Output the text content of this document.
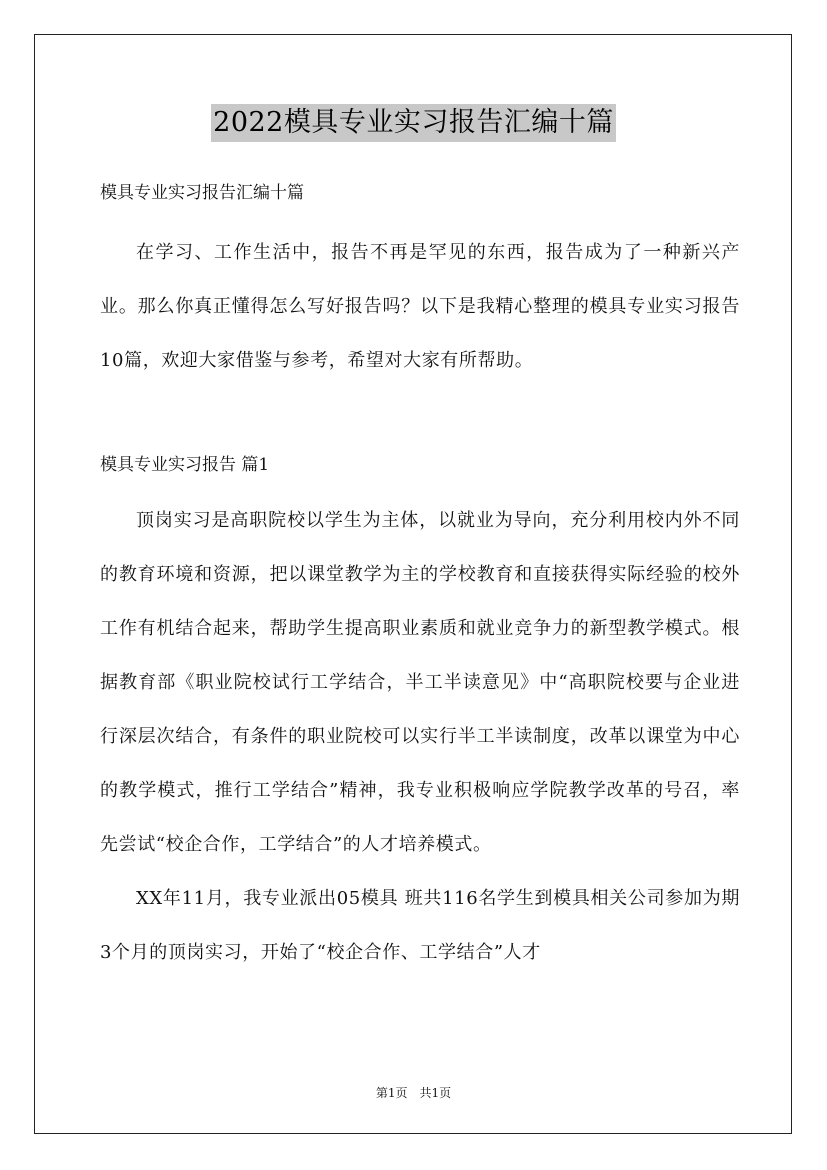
2022模具专业实习报告汇编十篇

模具专业实习报告汇编十篇

在学习、工作生活中，报告不再是罕见的东西，报告成为了一种新兴产业。那么你真正懂得怎么写好报告吗？以下是我精心整理的模具专业实习报告10篇，欢迎大家借鉴与参考，希望对大家有所帮助。

模具专业实习报告 篇1

顶岗实习是高职院校以学生为主体，以就业为导向，充分利用校内外不同的教育环境和资源，把以课堂教学为主的学校教育和直接获得实际经验的校外工作有机结合起来，帮助学生提高职业素质和就业竞争力的新型教学模式。根据教育部《职业院校试行工学结合，半工半读意见》中“高职院校要与企业进行深层次结合，有条件的职业院校可以实行半工半读制度，改革以课堂为中心的教学模式，推行工学结合”精神，我专业积极响应学院教学改革的号召，率先尝试“校企合作，工学结合”的人才培养模式。

XX年11月，我专业派出05模具 班共116名学生到模具相关公司参加为期3个月的顶岗实习，开始了“校企合作、工学结合”人才

第1页　共1页
